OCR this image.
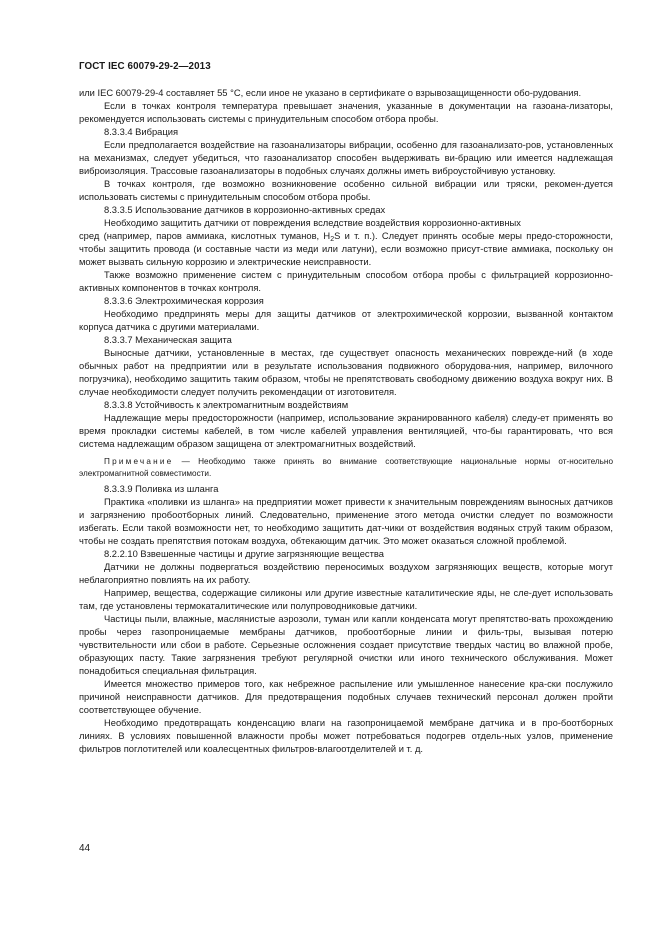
ГОСТ IEC 60079-29-2—2013

или IEC 60079-29-4 составляет 55 °С, если иное не указано в сертификате о взрывозащищенности обо-рудования.

Если в точках контроля температура превышает значения, указанные в документации на газоана-лизаторы, рекомендуется использовать системы с принудительным способом отбора пробы.

8.3.3.4 Вибрация

Если предполагается воздействие на газоанализаторы вибрации, особенно для газоанализато-ров, установленных на механизмах, следует убедиться, что газоанализатор способен выдерживать ви-брацию или имеется надлежащая виброизоляция. Трассовые газоанализаторы в подобных случаях должны иметь виброустойчивую установку.

В точках контроля, где возможно возникновение особенно сильной вибрации или тряски, рекомен-дуется использовать системы с принудительным способом отбора пробы.

8.3.3.5 Использование датчиков в коррозионно-активных средах

Необходимо защитить датчики от повреждения вследствие воздействия коррозионно-активных

сред (например, паров аммиака, кислотных туманов, $H_2S$ и т. п.). Следует принять особые меры предо-сторожности, чтобы защитить провода (и составные части из меди или латуни), если возможно присут-ствие аммиака, поскольку он может вызвать сильную коррозию и электрические неисправности.

Также возможно применение систем с принудительным способом отбора пробы с фильтрацией коррозионно-активных компонентов в точках контроля.

8.3.3.6 Электрохимическая коррозия

Необходимо предпринять меры для защиты датчиков от электрохимической коррозии, вызванной контактом корпуса датчика с другими материалами.

8.3.3.7 Механическая защита

Выносные датчики, установленные в местах, где существует опасность механических поврежде-ний (в ходе обычных работ на предприятии или в результате использования подвижного оборудова-ния, например, вилочного погрузчика), необходимо защитить таким образом, чтобы не препятствовать свободному движению воздуха вокруг них. В случае необходимости следует получить рекомендации от изготовителя.

8.3.3.8 Устойчивость к электромагнитным воздействиям

Надлежащие меры предосторожности (например, использование экранированного кабеля) следу-ет применять во время прокладки системы кабелей, в том числе кабелей управления вентиляцией, что-бы гарантировать, что вся система надлежащим образом защищена от электромагнитных воздействий.

Примечание — Необходимо также принять во внимание соответствующие национальные нормы от-носительно электромагнитной совместимости.

8.3.3.9 Поливка из шланга

Практика «поливки из шланга» на предприятии может привести к значительным повреждениям выносных датчиков и загрязнению пробоотборных линий. Следовательно, применение этого метода очистки следует по возможности избегать. Если такой возможности нет, то необходимо защитить дат-чики от воздействия водяных струй таким образом, чтобы не создать препятствия потокам воздуха, обтекающим датчик. Это может оказаться сложной проблемой.

8.2.2.10 Взвешенные частицы и другие загрязняющие вещества

Датчики не должны подвергаться воздействию переносимых воздухом загрязняющих веществ, которые могут неблагоприятно повлиять на их работу.

Например, вещества, содержащие силиконы или другие известные каталитические яды, не сле-дует использовать там, где установлены термокаталитические или полупроводниковые датчики.

Частицы пыли, влажные, маслянистые аэрозоли, туман или капли конденсата могут препятство-вать прохождению пробы через газопроницаемые мембраны датчиков, пробоотборные линии и филь-тры, вызывая потерю чувствительности или сбои в работе. Серьезные осложнения создает присутствие твердых частиц во влажной пробе, образующих пасту. Такие загрязнения требуют регулярной очистки или иного технического обслуживания. Может понадобиться специальная фильтрация.

Имеется множество примеров того, как небрежное распыление или умышленное нанесение кра-ски послужило причиной неисправности датчиков. Для предотвращения подобных случаев технический персонал должен пройти соответствующее обучение.

Необходимо предотвращать конденсацию влаги на газопроницаемой мембране датчика и в про-боотборных линиях. В условиях повышенной влажности пробы может потребоваться подогрев отдель-ных узлов, применение фильтров поглотителей или коалесцентных фильтров-влагоотделителей и т. д.

44
